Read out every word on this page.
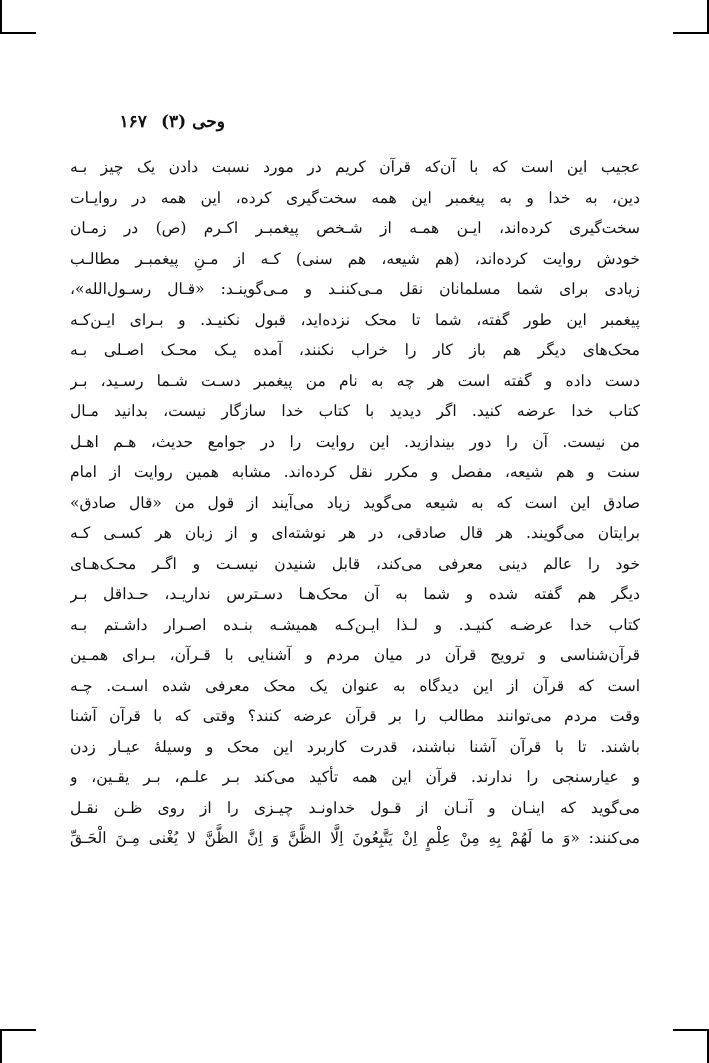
وحی (۳)۱۶۷
عجیب این است که با آن‌که قرآن کریم در مورد نسبت دادن یک چیز بـه
دین، به خدا و به پیغمبر این همه سخت‌گیری کرده، این همه در روایـات
سخت‌گیری کرده‌اند، ایـن همـه از شـخص پیغمبـر اکـرم (ص) در زمـان
خودش روایت کرده‌اند، (هم شیعه، هم سنی) کـه از مـنِ پیغمبـر مطالـب
زیادی برای شما مسلمانان نقل مـی‌کننـد و مـی‌گوینـد: «قـال رسـول‌الله»،
پیغمبر این طور گفته، شما تا محک نزده‌اید، قبول نکنیـد. و بـرای ایـن‌کـه
محک‌های دیگر هم باز کار را خراب نکنند، آمده یـک محـک اصـلی بـه
دست داده و گفته است هر چه به نام من پیغمبر دسـت شـما رسـید، بـر
کتاب خدا عرضه کنید. اگر دیدید با کتاب خدا سازگار نیست، بدانید مـال
من نیست. آن را دور بیندازید. این روایت را در جوامع حدیث، هـم اهـل
سنت و هم شیعه، مفصل و مکرر نقل کرده‌اند. مشابه همین روایت از امام
صادق این است که به شیعه می‌گوید زیاد می‌آیند از قول من «قال صادق»
برایتان می‌گویند. هر قال صادقی، در هر نوشته‌ای و از زبان هر کسـی کـه
خود را عالم دینی معرفی می‌کند، قابل شنیدن نیسـت و اگـر محـک‌هـای
دیگر هم گفته شده و شما به آن محک‌هـا دسـترس ندار‌یـد، حـداقل بـر
کتاب خدا عرضـه کنیـد. و لـذا ایـن‌کـه همیشـه بنـده اصـرار داشـتم بـه
قرآن‌شناسی و ترویج قرآن در میان مردم و آشنایی با قـرآن، بـرای همـین
است که قرآن از این دیدگاه به عنوان یک محک معرفی شده اسـت. چـه
وقت مردم می‌توانند مطالب را بر قرآن عرضه کنند؟ وقتی که با قرآن آشنا
باشند. تا با قرآن آشنا نباشند، قدرت کاربرد این محک و وسیلهٔ عیـار زدن
و عیارسنجی را ندارند. قرآن این همه تأکید می‌کند بـر علـم، بـر یقـین، و
می‌گوید که اینـان و آنـان از قـول خداونـد چیـزی را از روی ظـن نقـل
می‌کنند: «وَ ما لَهُمْ بِهِ مِنْ عِلْمٍ اِنْ یَتَّبِعُونَ اِلَّا الظَّنَّ وَ اِنَّ الظَّنَّ لا یُغْنی مِـنَ الْحَـقِّ
